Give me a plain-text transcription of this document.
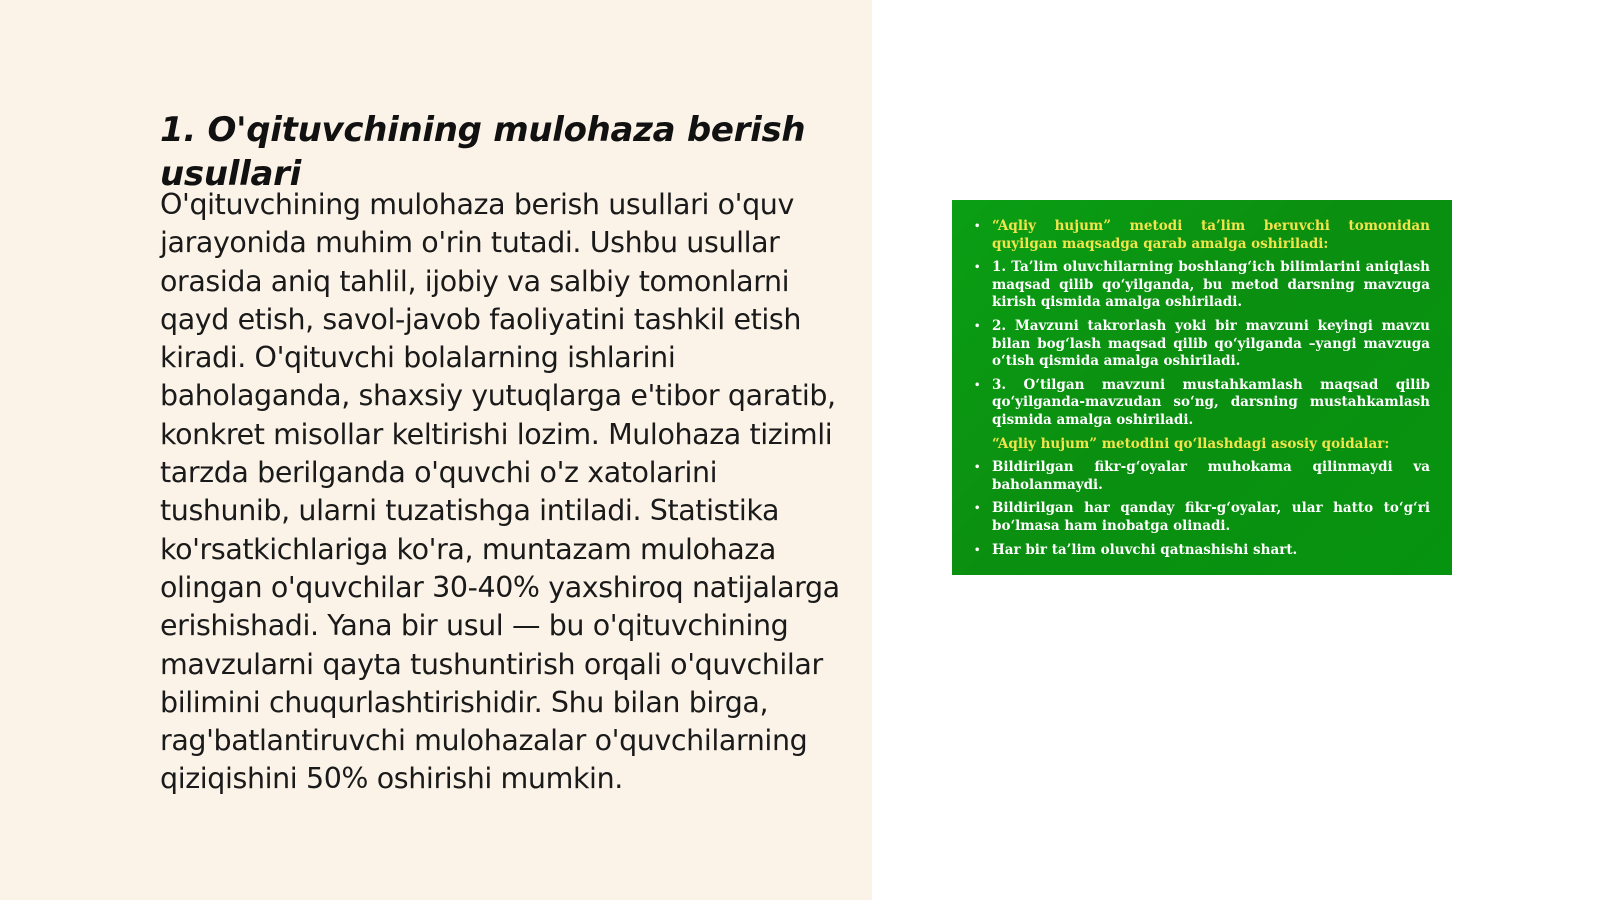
1. O'qituvchining mulohaza berish usullari

O'qituvchining mulohaza berish usullari o'quv jarayonida muhim o'rin tutadi. Ushbu usullar orasida aniq tahlil, ijobiy va salbiy tomonlarni qayd etish, savol-javob faoliyatini tashkil etish kiradi. O'qituvchi bolalarning ishlarini baholaganda, shaxsiy yutuqlarga e'tibor qaratib, konkret misollar keltirishi lozim. Mulohaza tizimli tarzda berilganda o'quvchi o'z xatolarini tushunib, ularni tuzatishga intiladi. Statistika ko'rsatkichlariga ko'ra, muntazam mulohaza olingan o'quvchilar 30-40% yaxshiroq natijalarga erishishadi. Yana bir usul — bu o'qituvchining mavzularni qayta tushuntirish orqali o'quvchilar bilimini chuqurlashtirishidir. Shu bilan birga, rag'batlantiruvchi mulohazalar o'quvchilarning qiziqishini 50% oshirishi mumkin.

• “Aqliy hujum” metodi ta’lim beruvchi tomonidan quyilgan maqsadga qarab amalga oshiriladi:
• 1. Ta’lim oluvchilarning boshlang‘ich bilimlarini aniqlash maqsad qilib qo‘yilganda, bu metod darsning mavzuga kirish qismida amalga oshiriladi.
• 2. Mavzuni takrorlash yoki bir mavzuni keyingi mavzu bilan bog‘lash maqsad qilib qo‘yilganda –yangi mavzuga o‘tish qismida amalga oshiriladi.
• 3. O‘tilgan mavzuni mustahkamlash maqsad qilib qo‘yilganda-mavzudan so‘ng, darsning mustahkamlash qismida amalga oshiriladi.
“Aqliy hujum” metodini qo‘llashdagi asosiy qoidalar:
• Bildirilgan fikr-g‘oyalar muhokama qilinmaydi va baholanmaydi.
• Bildirilgan har qanday fikr-g‘oyalar, ular hatto to‘g‘ri bo‘lmasa ham inobatga olinadi.
• Har bir ta’lim oluvchi qatnashishi shart.
